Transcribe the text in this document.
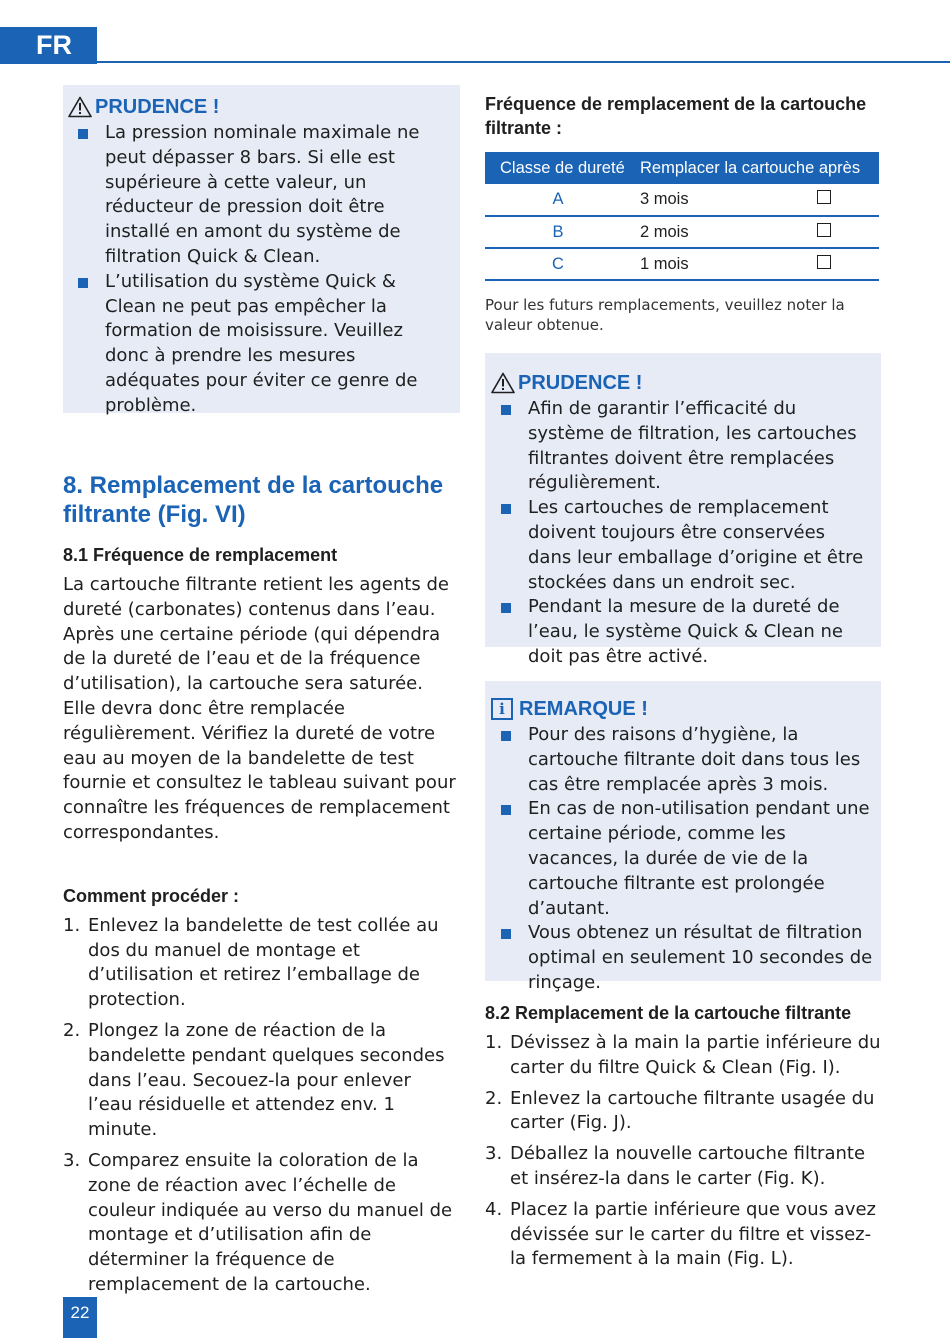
FR
PRUDENCE !
La pression nominale maximale ne peut dépasser 8 bars. Si elle est supérieure à cette valeur, un réducteur de pression doit être installé en amont du système de filtration Quick & Clean.
L’utilisation du système Quick & Clean ne peut pas empêcher la formation de moisissure. Veuillez donc à prendre les mesures adéquates pour éviter ce genre de problème.
8. Remplacement de la cartouche filtrante (Fig. VI)
8.1 Fréquence de remplacement
La cartouche filtrante retient les agents de dureté (carbonates) contenus dans l’eau. Après une certaine période (qui dépendra de la dureté de l’eau et de la fréquence d’utilisation), la cartouche sera saturée. Elle devra donc être remplacée régulièrement. Vérifiez la dureté de votre eau au moyen de la bandelette de test fournie et consultez le tableau suivant pour connaître les fréquences de remplacement correspondantes.
Comment procéder :
1. Enlevez la bandelette de test collée au dos du manuel de montage et d’utilisation et retirez l’emballage de protection.
2. Plongez la zone de réaction de la bandelette pendant quelques secondes dans l’eau. Secouez-la pour enlever l’eau résiduelle et attendez env. 1 minute.
3. Comparez ensuite la coloration de la zone de réaction avec l’échelle de couleur indiquée au verso du manuel de montage et d’utilisation afin de déterminer la fréquence de remplacement de la cartouche.
Fréquence de remplacement de la cartouche filtrante :
Classe de dureté	Remplacer la cartouche après
A	3 mois

B	2 mois

C	1 mois
Pour les futurs remplacements, veuillez noter la valeur obtenue.
PRUDENCE !
Afin de garantir l’efficacité du système de filtration, les cartouches filtrantes doivent être remplacées régulièrement.
Les cartouches de remplacement doivent toujours être conservées dans leur emballage d’origine et être stockées dans un endroit sec.
Pendant la mesure de la dureté de l’eau, le système Quick & Clean ne doit pas être activé.
i REMARQUE !
Pour des raisons d’hygiène, la cartouche filtrante doit dans tous les cas être remplacée après 3 mois.
En cas de non-utilisation pendant une certaine période, comme les vacances, la durée de vie de la cartouche filtrante est prolongée d’autant.
Vous obtenez un résultat de filtration optimal en seulement 10 secondes de rinçage.
8.2 Remplacement de la cartouche filtrante
1. Dévissez à la main la partie inférieure du carter du filtre Quick & Clean (Fig. I).
2. Enlevez la cartouche filtrante usagée du carter (Fig. J).
3. Déballez la nouvelle cartouche filtrante et insérez-la dans le carter (Fig. K).
4. Placez la partie inférieure que vous avez dévissée sur le carter du filtre et vissez-la fermement à la main (Fig. L).
22
